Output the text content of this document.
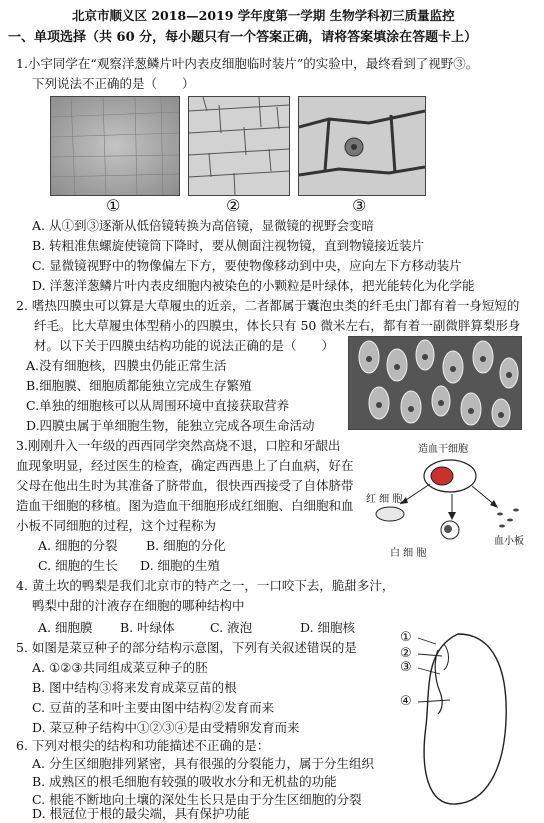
北京市顺义区 2018—2019 学年度第一学期 生物学科初三质量监控
一、单项选择（共 60 分，每小题只有一个答案正确，请将答案填涂在答题卡上）
1.小宇同学在“观察洋葱鳞片叶内表皮细胞临时装片”的实验中，最终看到了视野③。
下列说法不正确的是（　　）
①	②	③
A. 从①到③逐渐从低倍镜转换为高倍镜，显微镜的视野会变暗
B. 转粗准焦螺旋使镜筒下降时，要从侧面注视物镜，直到物镜接近装片
C. 显微镜视野中的物像偏左下方，要使物像移动到中央，应向左下方移动装片
D. 洋葱洋葱鳞片叶内表皮细胞内被染色的小颗粒是叶绿体，把光能转化为化学能
2. 嗜热四膜虫可以算是大草履虫的近亲，二者都属于囊泡虫类的纤毛虫门都有着一身短短的
纤毛。比大草履虫体型稍小的四膜虫，体长只有 50 微米左右，都有着一副微胖算梨形身
材。以下关于四膜虫结构功能的说法正确的是（　　）
A.没有细胞核，四膜虫仍能正常生活
B.细胞膜、细胞质都能独立完成生存繁殖
C.单独的细胞核可以从周围环境中直接获取营养
D.四膜虫属于单细胞生物，能独立完成各项生命活动
3.刚刚升入一年级的西西同学突然高烧不退，口腔和牙龈出
血现象明显，经过医生的检查，确定西西患上了白血病，好在
父母在他出生时为其准备了脐带血，很快西西接受了自体脐带
造血干细胞的移植。图为造血干细胞形成红细胞、白细胞和血
小板不同细胞的过程，这个过程称为
A. 细胞的分裂 B. 细胞的分化
C. 细胞的生长 D. 细胞的生殖
造血干细胞
红 细 胞
白 细 胞
血小板
4. 黄土坎的鸭梨是我们北京市的特产之一，一口咬下去，脆甜多汁，
鸭梨中甜的汁液存在细胞的哪种结构中
A. 细胞膜 B. 叶绿体	C. 液泡	D. 细胞核
5. 如图是菜豆种子的部分结构示意图，下列有关叙述错误的是
A. ①②③共同组成菜豆种子的胚
B. 图中结构③将来发育成菜豆苗的根
C. 豆苗的茎和叶主要由图中结构②发育而来
D. 菜豆种子结构中①②③④是由受精卵发育而来
①
②
③
④
6. 下列对根尖的结构和功能描述不正确的是：
A. 分生区细胞排列紧密，具有很强的分裂能力，属于分生组织
B. 成熟区的根毛细胞有较强的吸收水分和无机盐的功能
C. 根能不断地向土壤的深处生长只是由于分生区细胞的分裂
D. 根冠位于根的最尖端，具有保护功能
